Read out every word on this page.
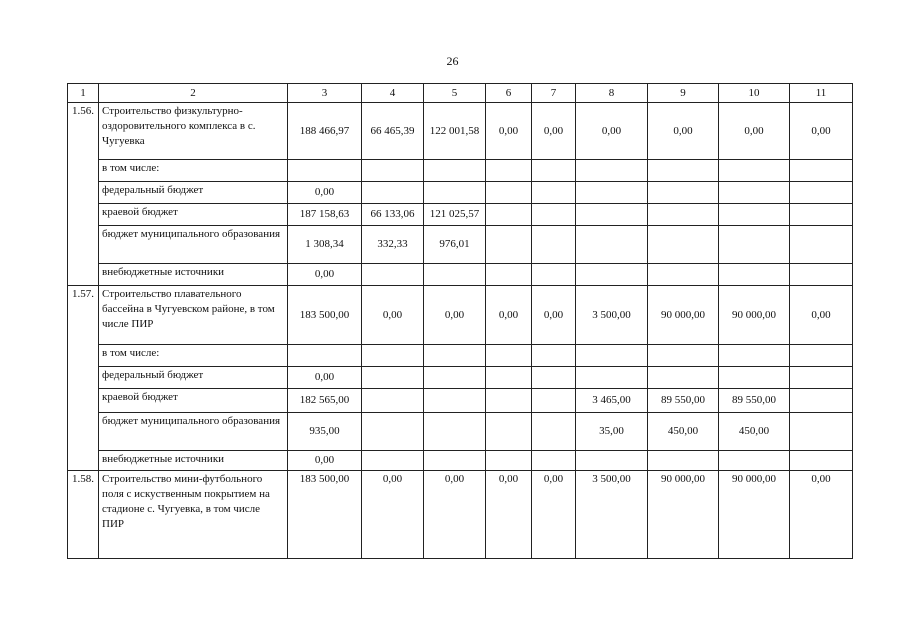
26
1	2	3	4	5	6	7	8	9	10	11
1.56.	Строительство физкультурно-оздоровительного комплекса в с. Чугуевка	188 466,97	66 465,39	122 001,58	0,00	0,00	0,00	0,00	0,00	0,00
	в том числе:									
	федеральный бюджет	0,00								
	краевой бюджет	187 158,63	66 133,06	121 025,57						
	бюджет муниципального образования	1 308,34	332,33	976,01						
	внебюджетные источники	0,00								
1.57.	Строительство плавательного бассейна в Чугуевском районе, в том числе ПИР	183 500,00	0,00	0,00	0,00	0,00	3 500,00	90 000,00	90 000,00	0,00
	в том числе:									
	федеральный бюджет	0,00								
	краевой бюджет	182 565,00					3 465,00	89 550,00	89 550,00	
	бюджет муниципального образования	935,00					35,00	450,00	450,00	
	внебюджетные источники	0,00								
1.58.	Строительство мини-футбольного поля с искуственным покрытием на стадионе с. Чугуевка, в том числе ПИР	183 500,00	0,00	0,00	0,00	0,00	3 500,00	90 000,00	90 000,00	0,00
